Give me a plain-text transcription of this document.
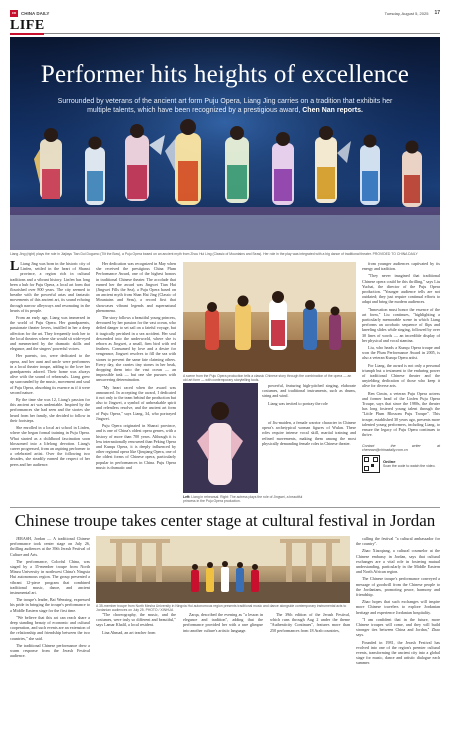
CD	CHINA DAILY	Tuesday, August 5, 2025 17
LIFE
Performer hits heights of excellence
Surrounded by veterans of the ancient art form Puju Opera, Liang Jing carries on a tradition that exhibits her multiple talents, which have been recognized by a prestigious award, Chen Nan reports.
Liang Jing (right) plays the role in Jiajiayu Tian Dui Dugumo (Tilt the Bow), a Puju Opera based on an ancient myth from Zhou Hui Ling (Classic of Mountains and Seas). Her role in the play was integrated with a big dance of traditional theater. PROVIDED TO CHINA DAILY

L Liang Jing was born in the historic city of Linfen, settled in the heart of Shanxi province, a region rich in cultural traditions and a vibrant history. Linfen has long been a hub for Puju Opera, a local art form that flourished over 800 years. The city seemed to breathe with the powerful arias and fantastic movements of this ancient art, its sound echoing through narrow alleyways and resonating in the hearts of its people.

From an early age, Liang was immersed in the world of Puju Opera. Her grandparents, passionate theater lovers, instilled in her a deep affection for the art. They frequently took her to the local theaters where she would sit wide-eyed and mesmerized by the dramatic skills and elegance, and the singers' powerful voices.

Her parents, too, were dedicated to the opera, and her aunt and uncle were performers in a local theater troupe, adding to the love her grandparents adored. Their home was always alive with the sound of rehearsals. Liang grew up surrounded by the music, movement and soul of Puju Opera, absorbing its essence as if it were second nature.

By the time she was 12, Liang's passion for this ancient art was undeniable. Inspired by the performances she had seen and the stories she heard from her family, she decided to follow in their footsteps.

She enrolled in a local art school in Linfen, where she began formal training in Puju Opera. What started as a childhood fascination soon blossomed into a lifelong devotion. Liang's career progressed, from an aspiring performer to a celebrated artist. Over the following two decades, she steadily earned the respect of her peers and her audience.

Her dedication was recognized in May when she received the prestigious China Plum Performance Award, one of the highest honors in traditional Chinese theater. The accolade that earned her the award was Jingwei Tian Hai (Jingwei Fills the Sea), a Puju Opera based on an ancient myth from Shan Hai Jing (Classic of Mountains and Seas), a record first that showcases vibrant legends and supernatural phenomena.

The story follows a beautiful young princess, devoured by her passion for the vast ocean, who defied danger to set sail on a fateful voyage, but it tragically perished in a sea accident. Her soul descended into the underworld, where she is reborn as Jingwei, a small, firm bird with red feathers. Consumed by love and a desire for vengeance, Jingwei resolves to fill the sea with stones to prevent the same fate claiming others. Every day, she carries tiny stones in her beak, dropping them into the vast ocean — an impossible task — but one she pursues with unwavering determination.

"My heart raced when the award was announced. In accepting the award, I dedicated it not only to the team behind the production but also to Jingwei, a symbol of unbreakable spirit and relentless resolve, and the ancient art form of Puju Opera," says Liang, 34, who portrayed Jingwei.

Puju Opera originated in Shanxi province, and is one of China's oldest opera genres, with a history of more than 700 years. Although it is less internationally renowned than Peking Opera and Kunqu Opera, it is deeply influenced by other regional opera like Qinqiang Opera, one of the oldest forms of Chinese opera, particularly popular in performances in China. Puju Opera music is dramatic and

A scene from the Puju Opera production tells a classic Chinese story through the combination of the opera — an old art form — with contemporary storytelling tools.
Left: Liang in rehearsal. Right: The actress plays the role of Jingwei, a beautiful princess in the Puju Opera production.

powerful, featuring high-pitched singing, elaborate costumes, and traditional instruments, such as drums, string and wind.

Liang was invited to portray the role

from younger audiences captivated by its energy and tradition.

"They never imagined that traditional Chinese opera could be this thrilling," says Liu Yuchai, the director of the Puju Opera production. "Younger audience tells are not outdated; they just require continual efforts to adapt and bring the modern audiences.

"Innovation must honor the essence of the art form," Liu continues, "highlighting a particularly memorable scene in which Liang performs an acrobatic sequence of flips and kneeling slides while singing, followed by over 30 lines of words — an incredible display of her physical and vocal stamina.

Liu, who heads a Kunqu Opera troupe and won the Plum Performance Award in 2005, is also a veteran Kunqu Opera artist.

For Liang, the award is not only a personal triumph but a testament to the enduring power of traditional Chinese theater and the unyielding dedication of those who keep it alive for diverse arts.

Ren Cimin, a veteran Puju Opera actress and former head of the Linfen Puju Opera Troupe, says that since the 1980s, the theater has long fostered young talent through the "Little Plum Blossom Puju Troupe". This troupe, established 30 years ago, presents more talented young performers, including Liang, to ensure the legacy of Puju Opera continues to thrive.

Contact the writer at chennan@chinadaily.com.cn
Online
Scan the code to watch the video.
Chinese troupe takes center stage at cultural festival in Jordan

JERASH, Jordan — A traditional Chinese performance took center stage on July 26, thrilling audiences at the 39th Jerash Festival of Culture and Arts.

The performance, Colorful China, was staged by a 35-member troupe from North Minzu University in northwest China's Ningxia Hui autonomous region. The group presented a vibrant 12-piece program that combined traditional music, dance, and ancient instrumental art.

The troupe's leader, Bai Wenxing, expressed his pride in bringing the troupe's performance to a Middle Eastern stage for the first time.

"We believe that this art can reach share a deep standing beauty of economic and cultural cooperation, and such events are an extension of the relationship and friendship between the two countries," she said.

The traditional Chinese performance drew a warm response from the Jerash Festival audience.

A 35-member troupe from North Mesha University in Ningxia Hui autonomous region presents traditional music and dance alongside contemporary instrumental acts to Jordanian audiences on July 25. PHOTO / XINHUA

"The choreography, the music, and the costumes, were truly so different and beautiful," says Lamar Khalil, a local resident.

Lina Ahmad, an art teacher from

Zarqa, described the evening as "a lesson in elegance and tradition", adding that the performance provided her with a rare glimpse into another culture's artistic language.

The 39th edition of the Jerash Festival, which runs through Aug 2 under the theme "Authenticity Continues", features more than 250 performances from 18 Arab countries,

calling the festival "a cultural ambassador for the country".

Zhao Xiaoqiang, a cultural counselor at the Chinese embassy in Jordan, says that cultural exchanges are a vital role in fostering mutual understanding, particularly in the Middle Eastern and North African region.

The Chinese troupe's performance conveyed a message of goodwill from the Chinese people to the Jordanians, promoting peace, harmony and friendship.

Zhao hopes that such exchanges will inspire more Chinese travelers to explore Jordanian heritage and experience Jordanian hospitality.

"I am confident that in the future, more Chinese troupes will come, and they will build stronger ties between China and Jordan," Zhao says.

Founded in 1981, the Jerash Festival has evolved into one of the region's premier cultural events, transforming the ancient city into a global stage for music, dance and artistic dialogue each summer.

of Jiu-maiden, a female warrior character in Chinese opera's archetypical woman figures of Wulan. These roles require intense vocal skill, martial training and refined movements, making them among the most physically demanding female roles in Chinese theater.
